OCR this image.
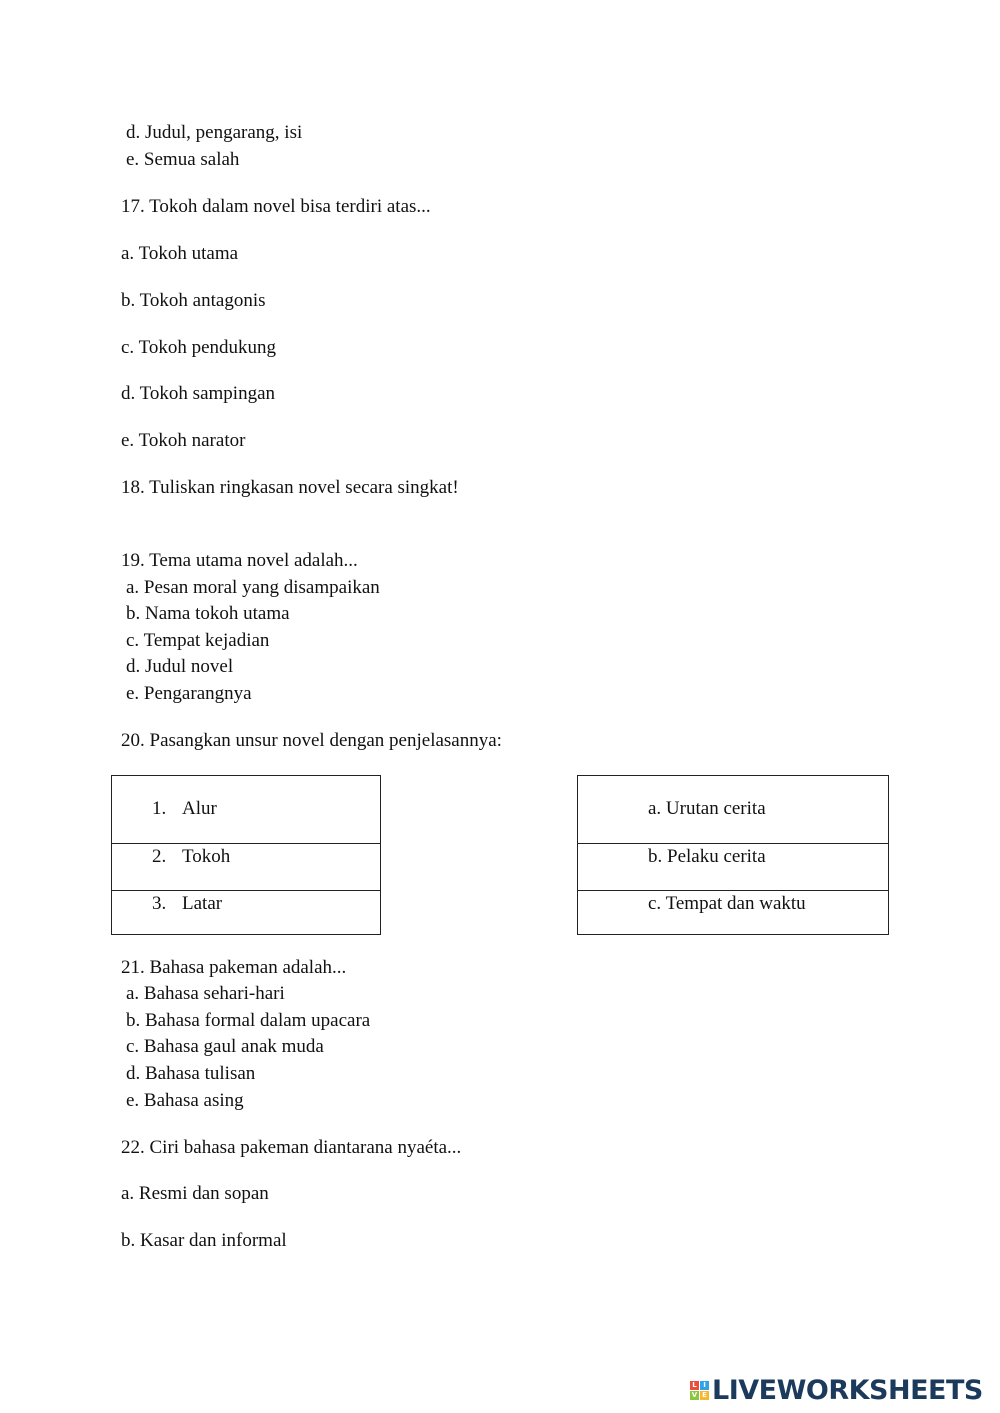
d. Judul, pengarang, isi
e. Semua salah
17. Tokoh dalam novel bisa terdiri atas...
a. Tokoh utama
b. Tokoh antagonis
c. Tokoh pendukung
d. Tokoh sampingan
e. Tokoh narator
18. Tuliskan ringkasan novel secara singkat!
19. Tema utama novel adalah...
a. Pesan moral yang disampaikan
b. Nama tokoh utama
c. Tempat kejadian
d. Judul novel
e. Pengarangnya
20. Pasangkan unsur novel dengan penjelasannya:
1. Alur
2. Tokoh
3. Latar
a. Urutan cerita
b. Pelaku cerita
c. Tempat dan waktu
21. Bahasa pakeman adalah...
a. Bahasa sehari-hari
b. Bahasa formal dalam upacara
c. Bahasa gaul anak muda
d. Bahasa tulisan
e. Bahasa asing
22. Ciri bahasa pakeman diantarana nyaéta...
a. Resmi dan sopan
b. Kasar dan informal
L I
V E LIVEWORKSHEETS
